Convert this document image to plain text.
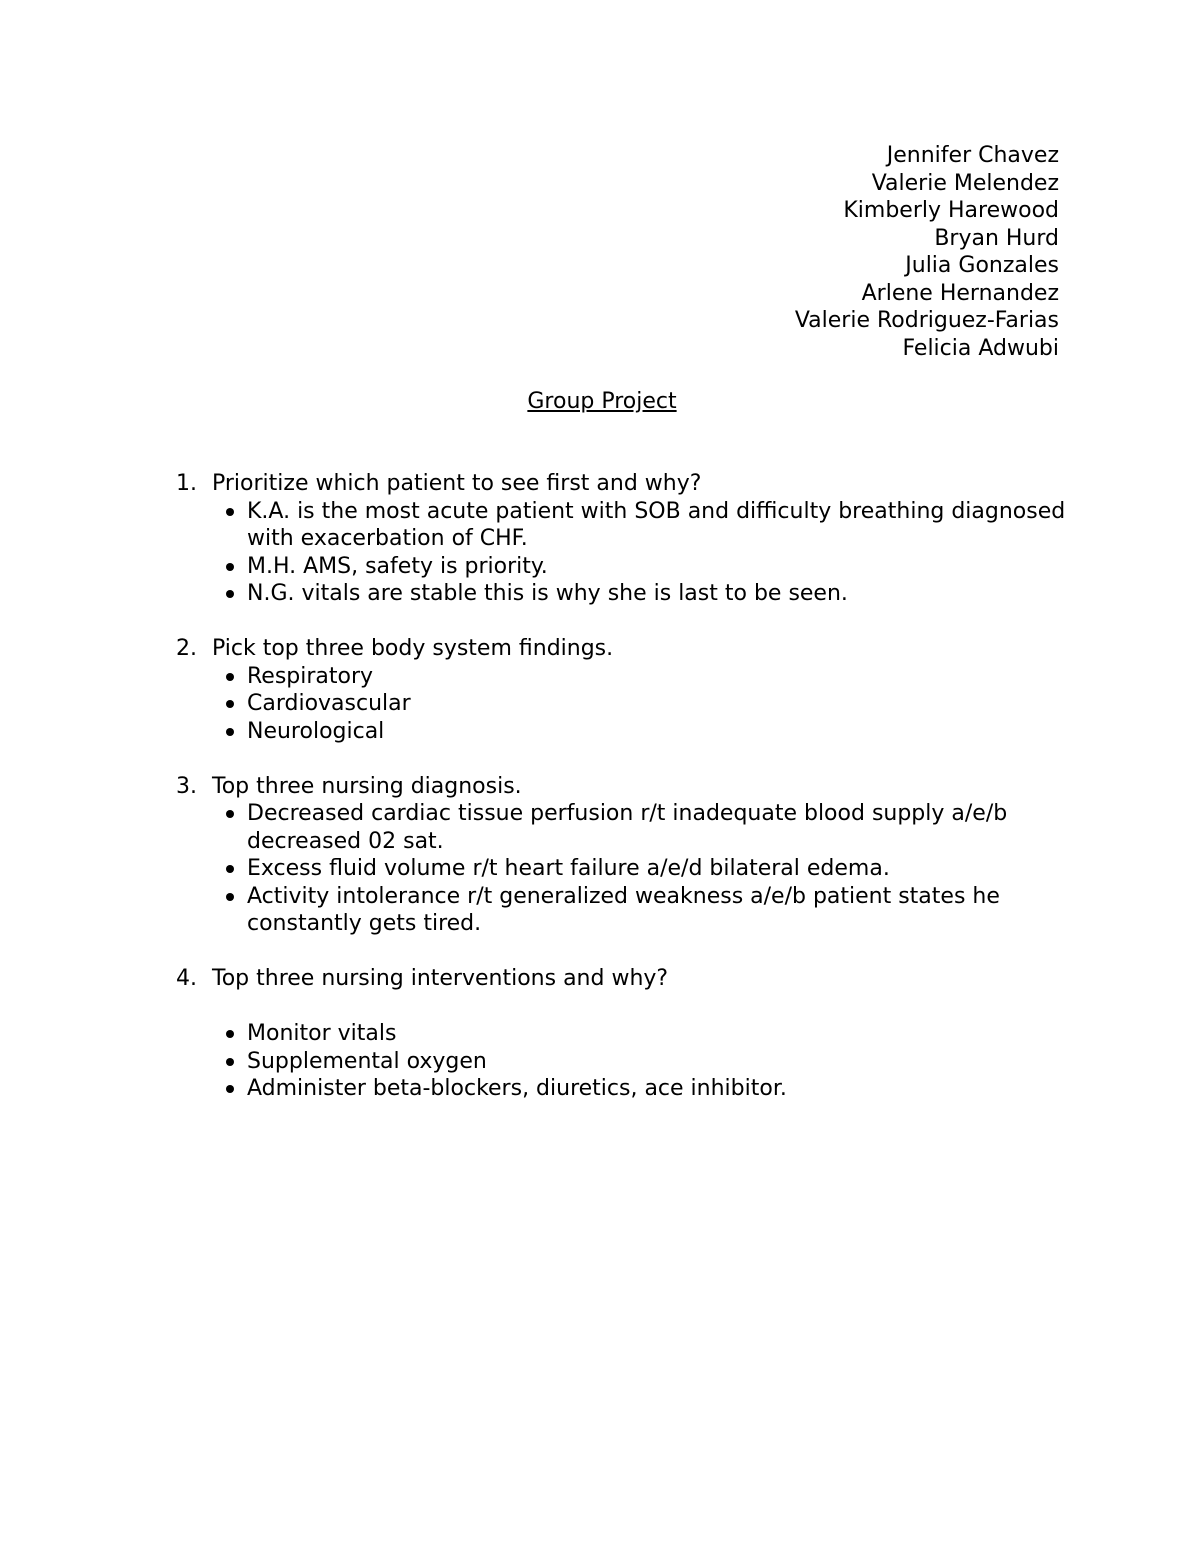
Jennifer Chavez
Valerie Melendez
Kimberly Harewood
Bryan Hurd
Julia Gonzales
Arlene Hernandez
Valerie Rodriguez-Farias
Felicia Adwubi
Group Project
1. Prioritize which patient to see first and why?
K.A. is the most acute patient with SOB and difficulty breathing diagnosed with exacerbation of CHF.
M.H. AMS, safety is priority.
N.G. vitals are stable this is why she is last to be seen.
2. Pick top three body system findings.
Respiratory
Cardiovascular
Neurological
3. Top three nursing diagnosis.
Decreased cardiac tissue perfusion r/t inadequate blood supply a/e/b decreased 02 sat.
Excess fluid volume r/t heart failure a/e/d bilateral edema.
Activity intolerance r/t generalized weakness a/e/b patient states he constantly gets tired.
4. Top three nursing interventions and why?
Monitor vitals
Supplemental oxygen
Administer beta-blockers, diuretics, ace inhibitor.
